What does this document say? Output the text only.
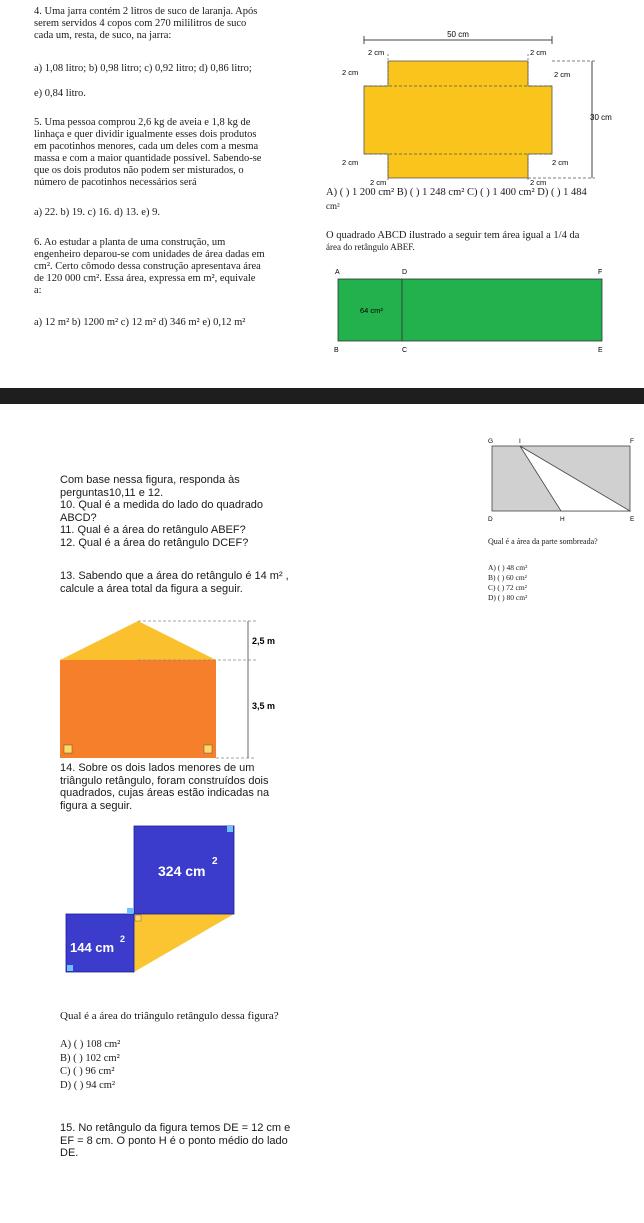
4. Uma jarra contém 2 litros de suco de laranja. Após
serem servidos 4 copos com 270 mililitros de suco
cada um, resta, de suco, na jarra:
a) 1,08 litro; b) 0,98 litro; c) 0,92 litro; d) 0,86 litro;
e) 0,84 litro.
5. Uma pessoa comprou 2,6 kg de aveia e 1,8 kg de
linhaça e quer dividir igualmente esses dois produtos
em pacotinhos menores, cada um deles com a mesma
massa e com a maior quantidade possível. Sabendo-se
que os dois produtos não podem ser misturados, o
número de pacotinhos necessários será
a) 22. b) 19. c) 16. d) 13. e) 9.
6. Ao estudar a planta de uma construção, um
engenheiro deparou-se com unidades de área dadas em
cm². Certo cômodo dessa construção apresentava área
de 120 000 cm². Essa área, expressa em m², equivale
a:
a) 12 m² b) 1200 m² c) 12 m² d) 346 m² e) 0,12 m²
50 cm
30 cm
2 cm
2 cm
2 cm
2 cm
2 cm	2 cm
2 cm	2 cm
A) ( ) 1 200 cm² B) ( ) 1 248 cm² C) ( ) 1 400 cm² D) ( ) 1 484
cm²
O quadrado ABCD ilustrado a seguir tem área igual a 1/4 da
área do retângulo ABEF.
A	D	F
B	C	E
64 cm²
Com base nessa figura, responda às
perguntas10,11 e 12.
10. Qual é a medida do lado do quadrado
ABCD?
11. Qual é a área do retângulo ABEF?
12. Qual é a área do retângulo DCEF?
13. Sabendo que a área do retângulo é 14 m² ,
calcule a área total da figura a seguir.
2,5 m
3,5 m
14. Sobre os dois lados menores de um
triângulo retângulo, foram construídos dois
quadrados, cujas áreas estão indicadas na
figura a seguir.
324 cm
2
144 cm
2
Qual é a área do triângulo retângulo dessa figura?
A) ( ) 108 cm²
B) ( ) 102 cm²
C) ( ) 96 cm²
D) ( ) 94 cm²
15. No retângulo da figura temos DE = 12 cm e
EF = 8 cm. O ponto H é o ponto médio do lado
DE.
G	I	F
D	H	E
Qual é a área da parte sombreada?
A) ( ) 48 cm²
B) ( ) 60 cm²
C) ( ) 72 cm²
D) ( ) 80 cm²
